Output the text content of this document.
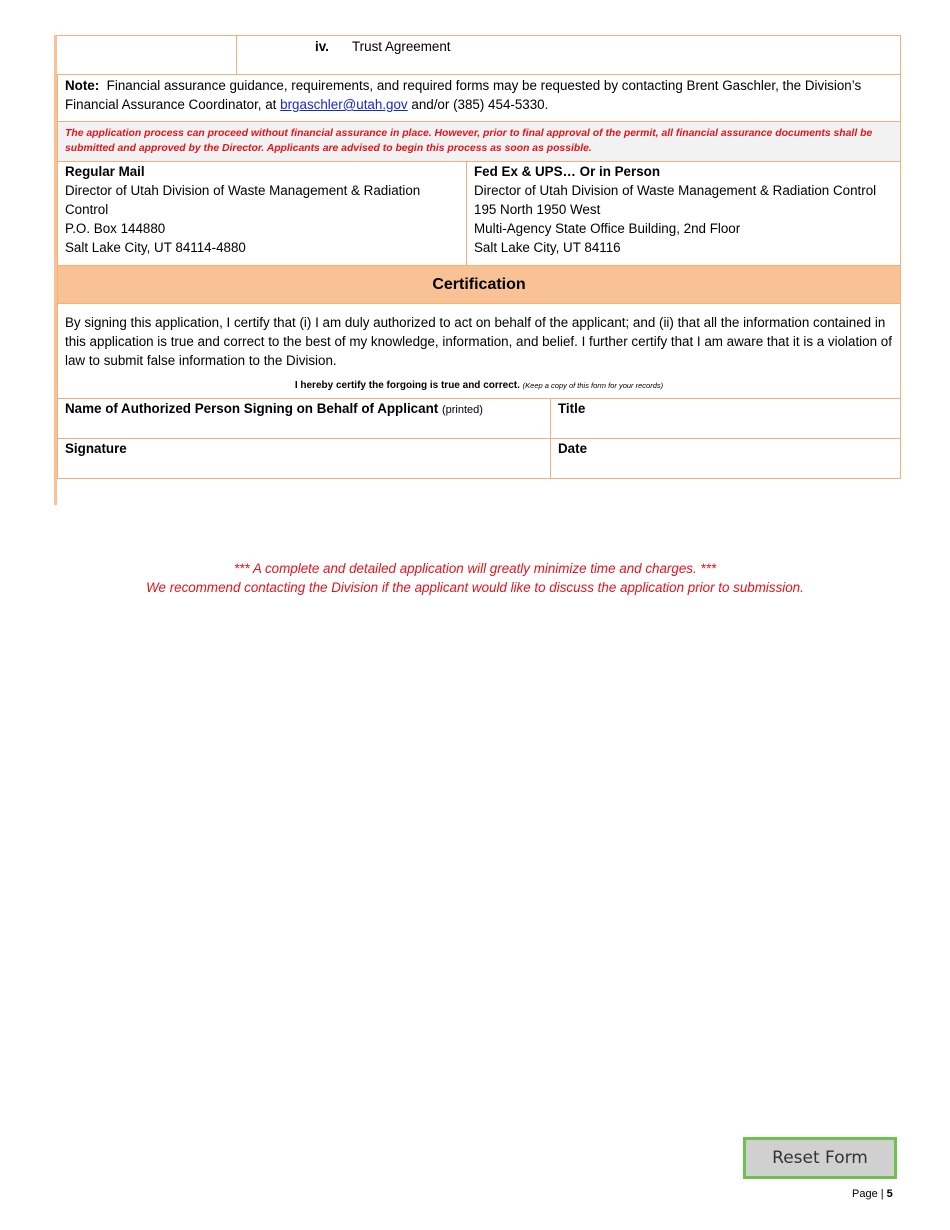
iv. Trust Agreement
Note: Financial assurance guidance, requirements, and required forms may be requested by contacting Brent Gaschler, the Division’s Financial Assurance Coordinator, at brgaschler@utah.gov and/or (385) 454-5330.
The application process can proceed without financial assurance in place. However, prior to final approval of the permit, all financial assurance documents shall be submitted and approved by the Director. Applicants are advised to begin this process as soon as possible.
Regular Mail
Director of Utah Division of Waste Management & Radiation Control
P.O. Box 144880
Salt Lake City, UT 84114-4880
Fed Ex & UPS… Or in Person
Director of Utah Division of Waste Management & Radiation Control
195 North 1950 West
Multi-Agency State Office Building, 2nd Floor
Salt Lake City, UT 84116
Certification
By signing this application, I certify that (i) I am duly authorized to act on behalf of the applicant; and (ii) that all the information contained in this application is true and correct to the best of my knowledge, information, and belief. I further certify that I am aware that it is a violation of law to submit false information to the Division.
I hereby certify the forgoing is true and correct. (Keep a copy of this form for your records)
Name of Authorized Person Signing on Behalf of Applicant (printed)	Title
Signature	Date
*** A complete and detailed application will greatly minimize time and charges. ***
We recommend contacting the Division if the applicant would like to discuss the application prior to submission.
Reset Form
Page | 5
